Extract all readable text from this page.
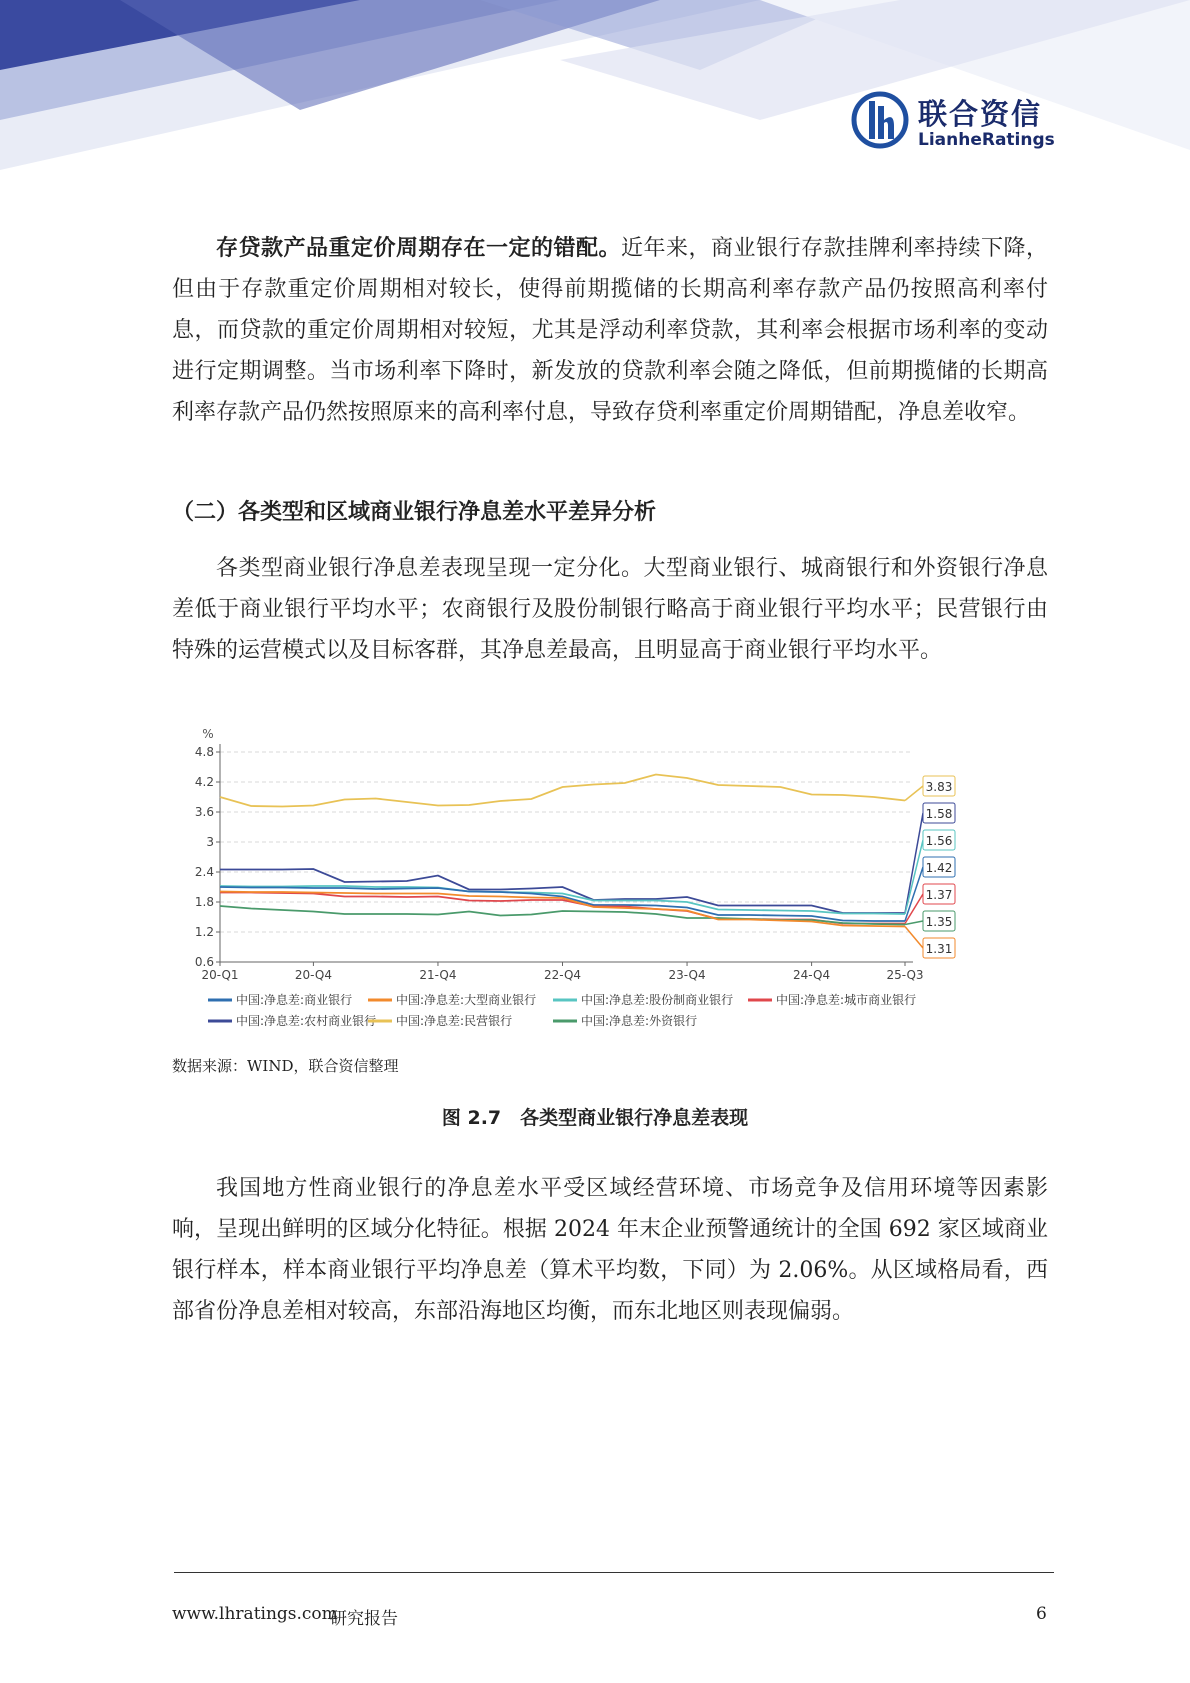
联合资信
LianheRatings

存贷款产品重定价周期存在一定的错配。近年来，商业银行存款挂牌利率持续下降，但由于存款重定价周期相对较长，使得前期揽储的长期高利率存款产品仍按照高利率付息，而贷款的重定价周期相对较短，尤其是浮动利率贷款，其利率会根据市场利率的变动进行定期调整。当市场利率下降时，新发放的贷款利率会随之降低，但前期揽储的长期高利率存款产品仍然按照原来的高利率付息，导致存贷利率重定价周期错配，净息差收窄。

（二）各类型和区域商业银行净息差水平差异分析

各类型商业银行净息差表现呈现一定分化。大型商业银行、城商银行和外资银行净息差低于商业银行平均水平；农商银行及股份制银行略高于商业银行平均水平；民营银行由特殊的运营模式以及目标客群，其净息差最高，且明显高于商业银行平均水平。

%
0.6
1.2
1.8
2.4
3
3.6
4.2
4.8
20-Q1	20-Q4	21-Q4	22-Q4	23-Q4	24-Q4	25-Q3
3.83
1.58
1.56
1.42
1.37
1.35
1.31
中国:净息差:商业银行	中国:净息差:大型商业银行	中国:净息差:股份制商业银行	中国:净息差:城市商业银行
中国:净息差:农村商业银行 中国:净息差:民营银行	中国:净息差:外资银行
数据来源：WIND，联合资信整理
图 2.7　各类型商业银行净息差表现

我国地方性商业银行的净息差水平受区域经营环境、市场竞争及信用环境等因素影响，呈现出鲜明的区域分化特征。根据 2024 年末企业预警通统计的全国 692 家区域商业银行样本，样本商业银行平均净息差（算术平均数，下同）为 2.06%。从区域格局看，西部省份净息差相对较高，东部沿海地区均衡，而东北地区则表现偏弱。

www.lhratings.com
研究报告	6
